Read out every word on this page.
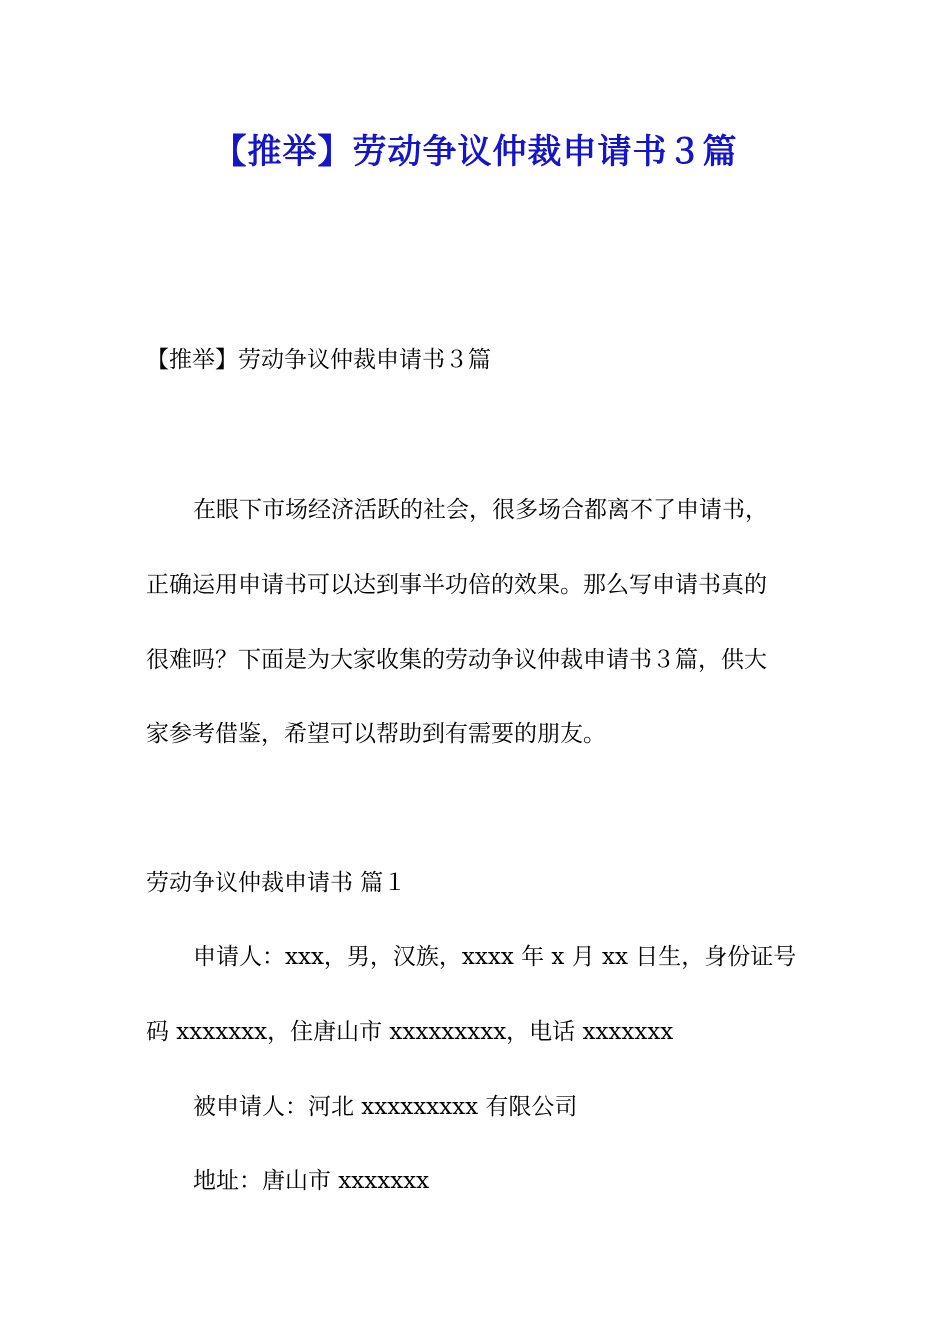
【推举】劳动争议仲裁申请书３篇
【推举】劳动争议仲裁申请书３篇
在眼下市场经济活跃的社会，很多场合都离不了申请书，
正确运用申请书可以达到事半功倍的效果。那么写申请书真的
很难吗？下面是为大家收集的劳动争议仲裁申请书３篇，供大
家参考借鉴，希望可以帮助到有需要的朋友。
劳动争议仲裁申请书 篇１
申请人：xxx，男，汉族，xxxx 年 x 月 xx 日生，身份证号
码 xxxxxxx，住唐山市 xxxxxxxxx，电话 xxxxxxx
被申请人：河北 xxxxxxxxx 有限公司
地址：唐山市 xxxxxxx
